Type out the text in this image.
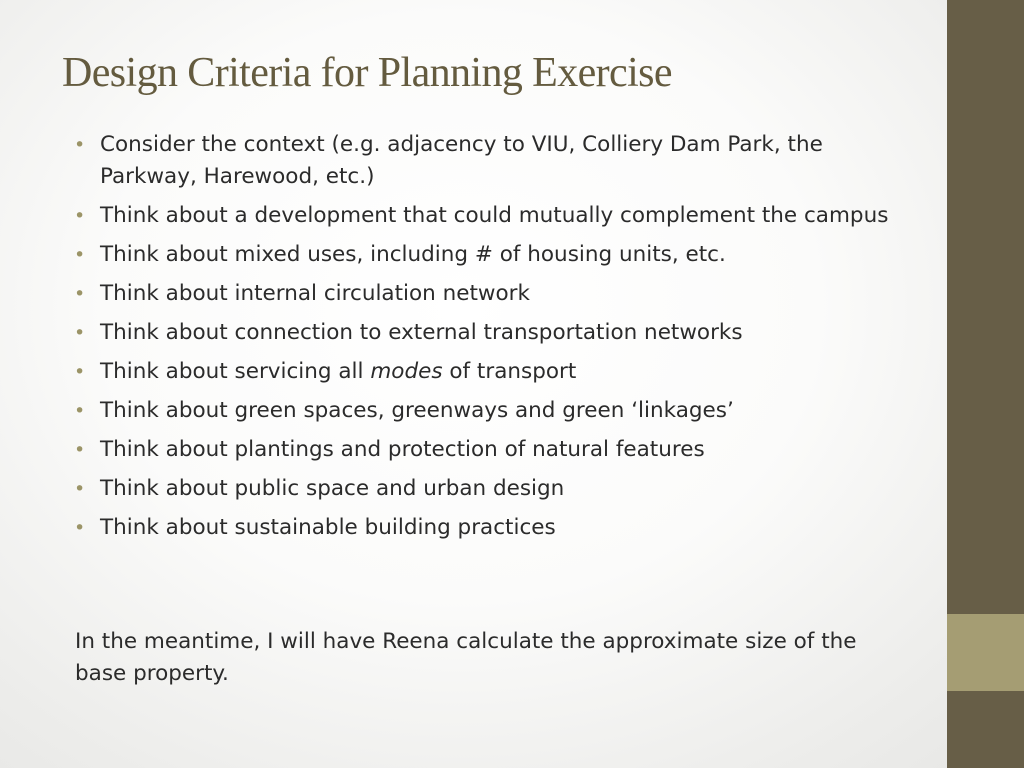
Design Criteria for Planning Exercise
• Consider the context (e.g. adjacency to VIU, Colliery Dam Park, the Parkway, Harewood, etc.)
• Think about a development that could mutually complement the campus
• Think about mixed uses, including # of housing units, etc.
• Think about internal circulation network
• Think about connection to external transportation networks
• Think about servicing all modes of transport
• Think about green spaces, greenways and green ‘linkages’
• Think about plantings and protection of natural features
• Think about public space and urban design
• Think about sustainable building practices

In the meantime, I will have Reena calculate the approximate size of the base property.
